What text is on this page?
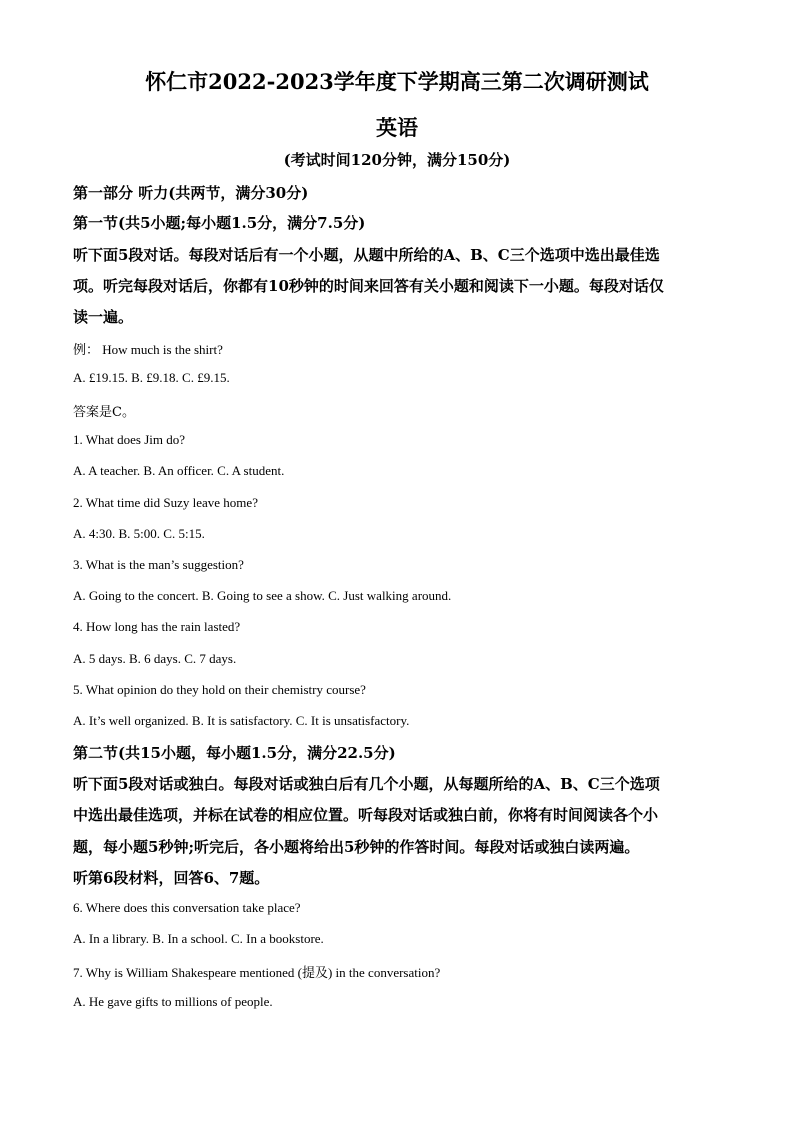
怀仁市2022-2023学年度下学期高三第二次调研测试
英语
(考试时间120分钟，满分150分)
第一部分 听力(共两节，满分30分)
第一节(共5小题;每小题1.5分，满分7.5分)
听下面5段对话。每段对话后有一个小题，从题中所给的A、B、C三个选项中选出最佳选
项。听完每段对话后，你都有10秒钟的时间来回答有关小题和阅读下一小题。每段对话仅
读一遍。
例： How much is the shirt?
A. £19.15. B. £9.18. C. £9.15.
答案是C。
1. What does Jim do?
A. A teacher. B. An officer. C. A student.
2. What time did Suzy leave home?
A. 4:30. B. 5:00. C. 5:15.
3. What is the man’s suggestion?
A. Going to the concert. B. Going to see a show. C. Just walking around.
4. How long has the rain lasted?
A. 5 days. B. 6 days. C. 7 days.
5. What opinion do they hold on their chemistry course?
A. It’s well organized. B. It is satisfactory. C. It is unsatisfactory.
第二节(共15小题，每小题1.5分，满分22.5分)
听下面5段对话或独白。每段对话或独白后有几个小题，从每题所给的A、B、C三个选项
中选出最佳选项，并标在试卷的相应位置。听每段对话或独白前，你将有时间阅读各个小
题，每小题5秒钟;听完后，各小题将给出5秒钟的作答时间。每段对话或独白读两遍。
听第6段材料，回答6、7题。
6. Where does this conversation take place?
A. In a library. B. In a school. C. In a bookstore.
7. Why is William Shakespeare mentioned (提及) in the conversation?
A. He gave gifts to millions of people.
